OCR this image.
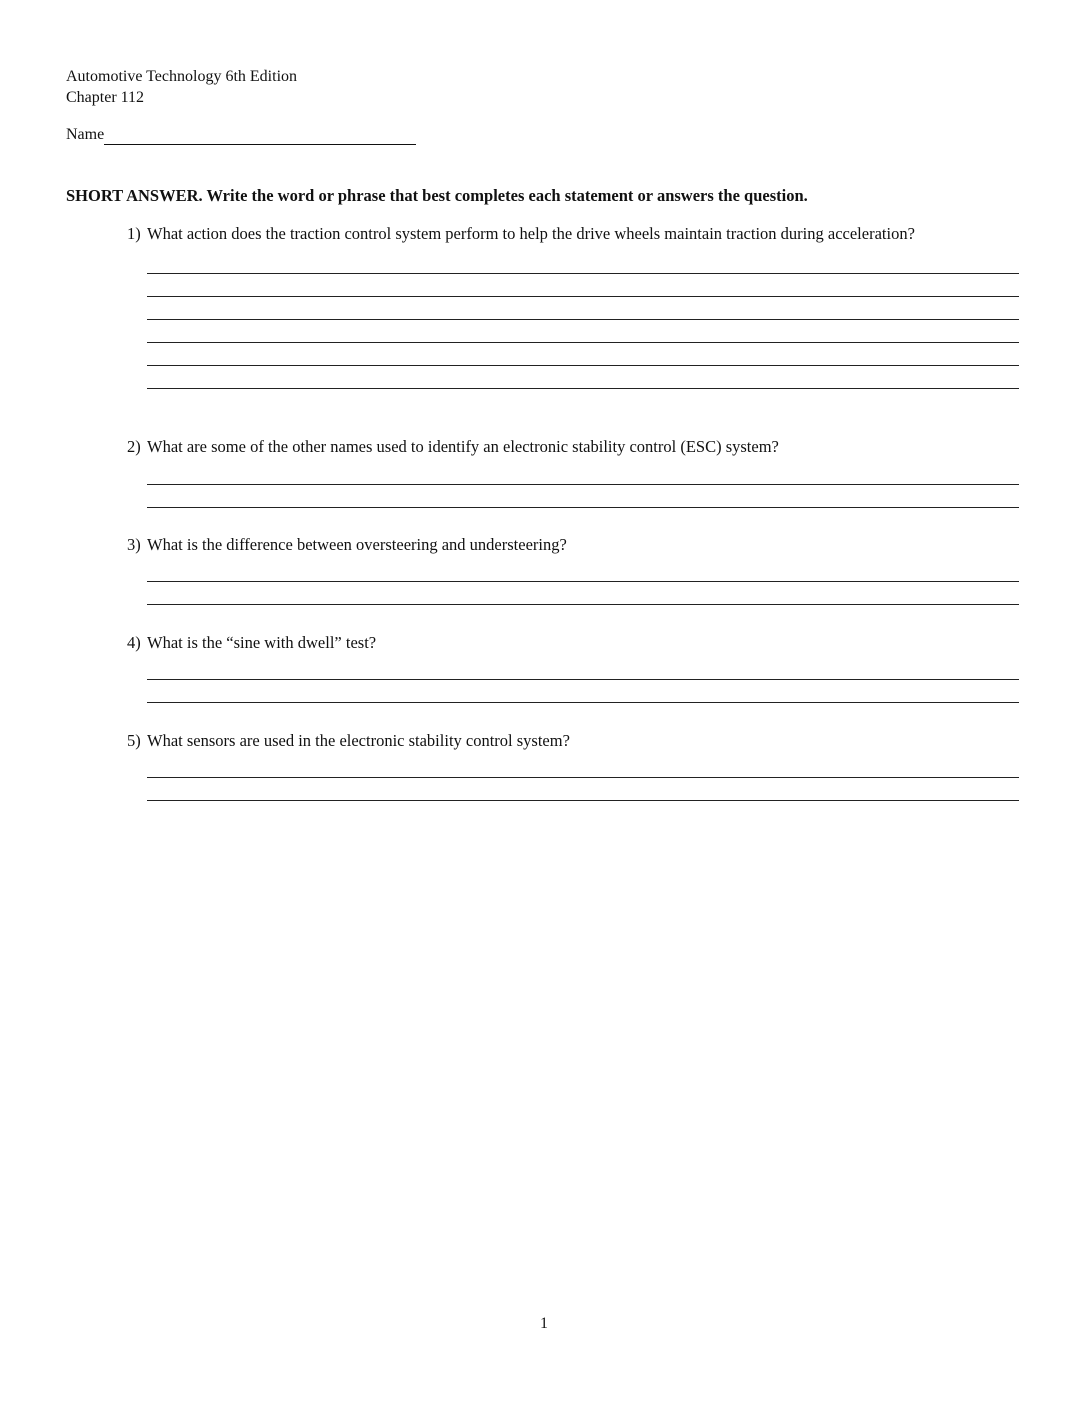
Automotive Technology 6th Edition
Chapter 112
Name
SHORT ANSWER. Write the word or phrase that best completes each statement or answers the question.
1) What action does the traction control system perform to help the drive wheels maintain traction during acceleration?
2) What are some of the other names used to identify an electronic stability control (ESC) system?
3) What is the difference between oversteering and understeering?
4) What is the “sine with dwell” test?
5) What sensors are used in the electronic stability control system?
1
